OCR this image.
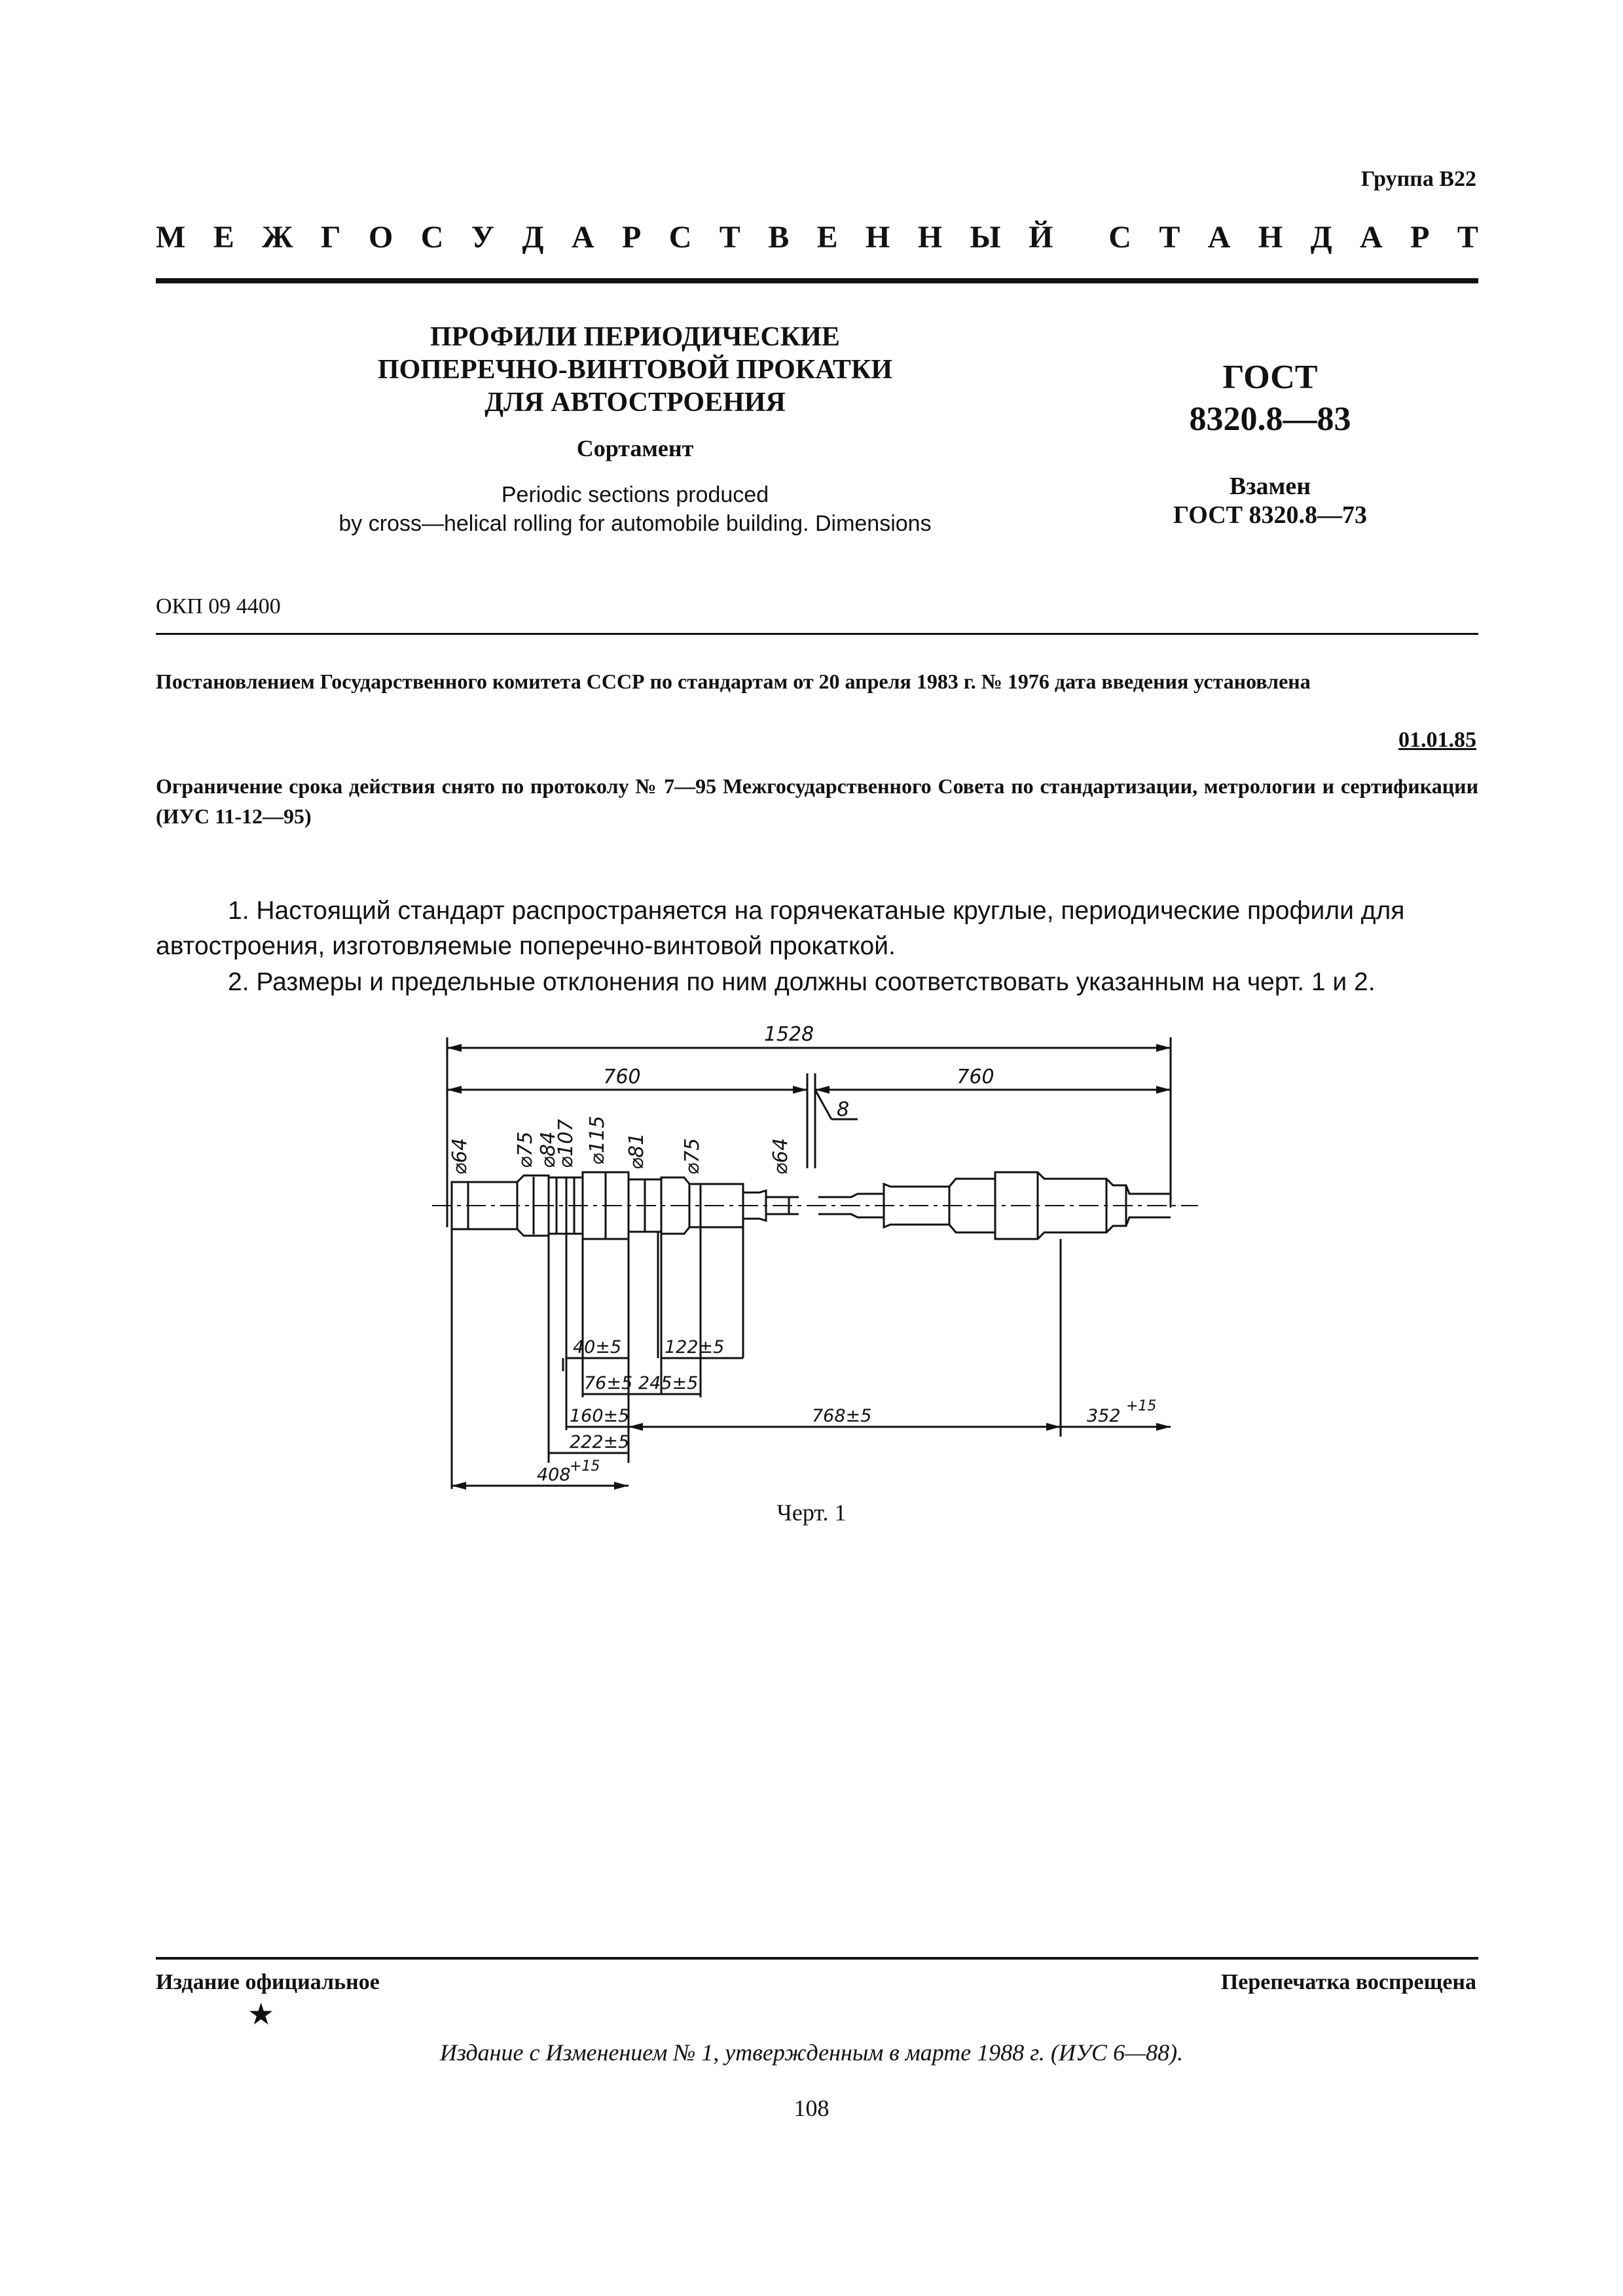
Группа В22
М Е Ж Г О С У Д А Р С Т В Е Н Н Ы Й С Т А Н Д А Р Т
ПРОФИЛИ ПЕРИОДИЧЕСКИЕ
ПОПЕРЕЧНО-ВИНТОВОЙ ПРОКАТКИ
ДЛЯ АВТОСТРОЕНИЯ
Сортамент
Periodic sections produced
by cross—helical rolling for automobile building. Dimensions
ГОСТ
8320.8—83
Взамен
ГОСТ 8320.8—73
ОКП 09 4400
Постановлением Государственного комитета СССР по стандартам от 20 апреля 1983 г. № 1976 дата введения установлена
01.01.85
Ограничение срока действия снято по протоколу № 7—95 Межгосударственного Совета по стандартизации, метрологии и сертификации (ИУС 11-12—95)
1. Настоящий стандарт распространяется на горячекатаные круглые, периодические профили для автостроения, изготовляемые поперечно-винтовой прокаткой.
2. Размеры и предельные отклонения по ним должны соответствовать указанным на черт. 1 и 2.
1528
760	760
8
⌀64 ⌀75 ⌀84
⌀107 ⌀115 ⌀81 ⌀75	⌀64
40±5 122±5
76±5 245±5
160±5	768±5	352 +15
222±5
408
+15
Черт. 1
Издание официальное	Перепечатка воспрещена
★
Издание с Изменением № 1, утвержденным в марте 1988 г. (ИУС 6—88).
108
